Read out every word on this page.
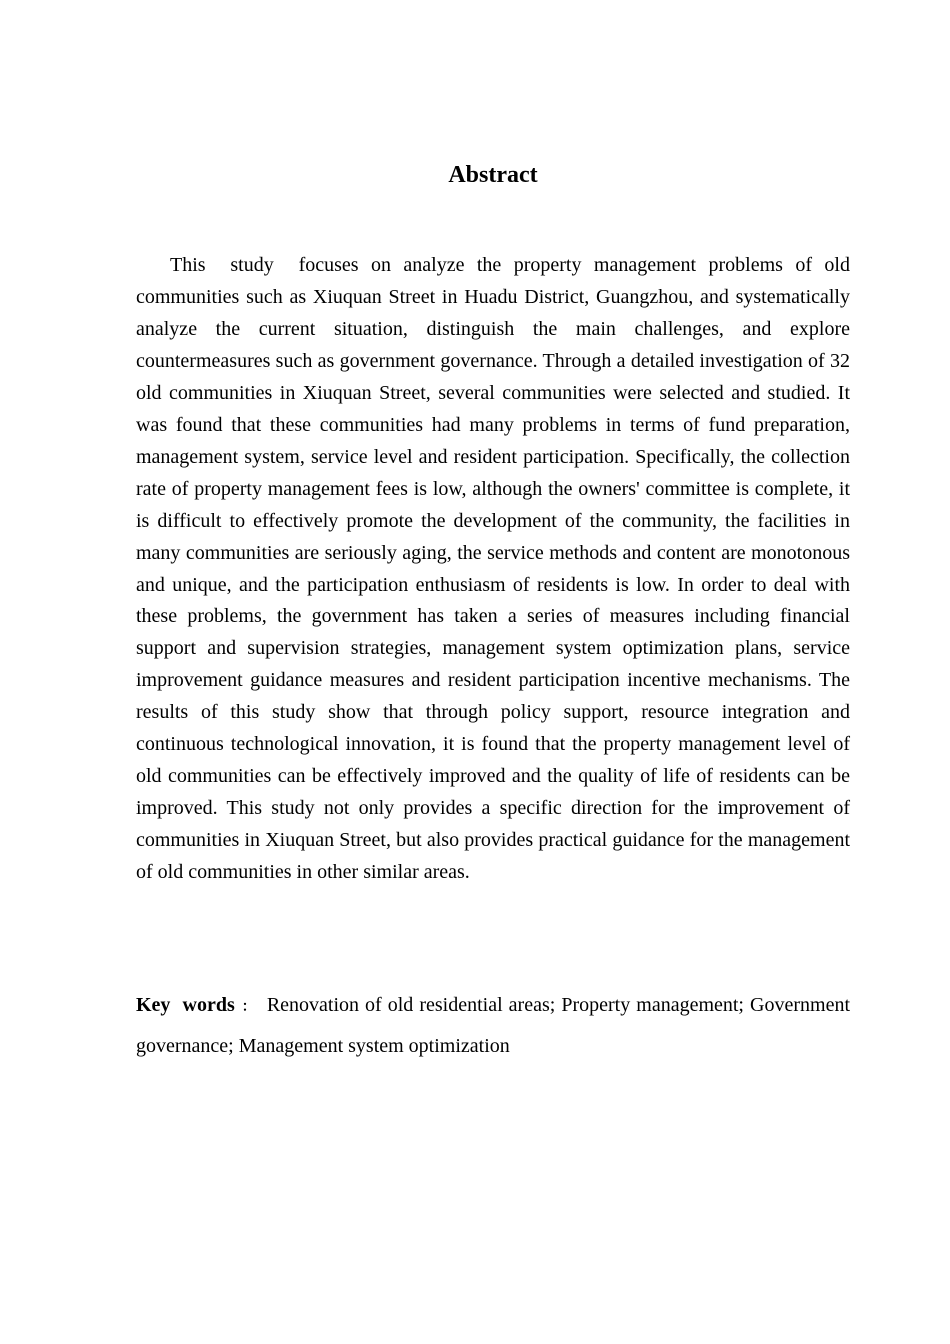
Abstract

This  study  focuses on analyze the property management problems of old communities such as Xiuquan Street in Huadu District, Guangzhou, and systematically analyze the current situation, distinguish the main challenges, and explore countermeasures such as government governance. Through a detailed investigation of 32 old communities in Xiuquan Street, several communities were selected and studied. It was found that these communities had many problems in terms of fund preparation, management system, service level and resident participation. Specifically, the collection rate of property management fees is low, although the owners' committee is complete, it is difficult to effectively promote the development of the community, the facilities in many communities are seriously aging, the service methods and content are monotonous and unique, and the participation enthusiasm of residents is low. In order to deal with these problems, the government has taken a series of measures including financial support and supervision strategies, management system optimization plans, service improvement guidance measures and resident participation incentive mechanisms. The results of this study show that through policy support, resource integration and continuous technological innovation, it is found that the property management level of old communities can be effectively improved and the quality of life of residents can be improved. This study not only provides a specific direction for the improvement of communities in Xiuquan Street, but also provides practical guidance for the management of old communities in other similar areas.

Key  words ： Renovation of old residential areas; Property management; Government governance; Management system optimization
